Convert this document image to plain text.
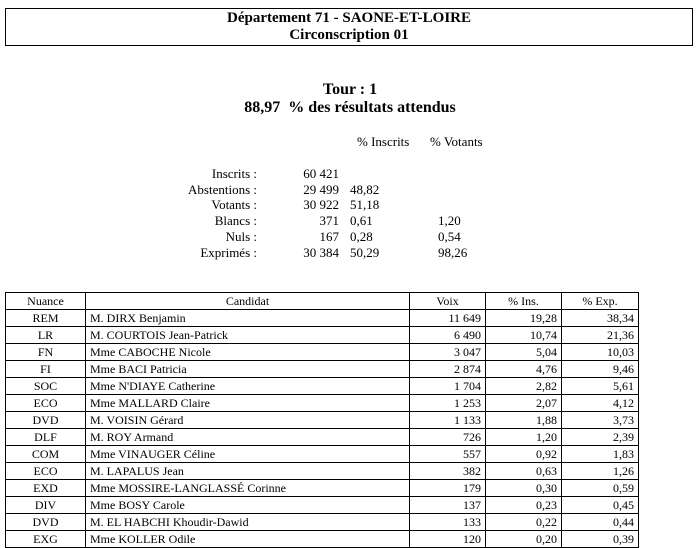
Département 71 - SAONE-ET-LOIRE
Circonscription 01
Tour : 1
88,97 % des résultats attendus
% Inscrits % Votants
Inscrits :	60 421
Abstentions :	29 499 48,82
Votants :	30 922 51,18
Blancs :	371 0,61	1,20
Nuls :	167 0,28	0,54
Exprimés :	30 384 50,29	98,26
Nuance	Candidat	Voix	% Ins.	% Exp.
REM	M. DIRX Benjamin	11 649	19,28	38,34
LR	M. COURTOIS Jean-Patrick	6 490	10,74	21,36
FN	Mme CABOCHE Nicole	3 047	5,04	10,03
FI	Mme BACI Patricia	2 874	4,76	9,46
SOC	Mme N'DIAYE Catherine	1 704	2,82	5,61
ECO	Mme MALLARD Claire	1 253	2,07	4,12
DVD	M. VOISIN Gérard	1 133	1,88	3,73
DLF	M. ROY Armand	726	1,20	2,39
COM	Mme VINAUGER Céline	557	0,92	1,83
ECO	M. LAPALUS Jean	382	0,63	1,26
EXD	Mme MOSSIRE-LANGLASSÉ Corinne	179	0,30	0,59
DIV	Mme BOSY Carole	137	0,23	0,45
DVD	M. EL HABCHI Khoudir-Dawid	133	0,22	0,44
EXG	Mme KOLLER Odile	120	0,20	0,39
